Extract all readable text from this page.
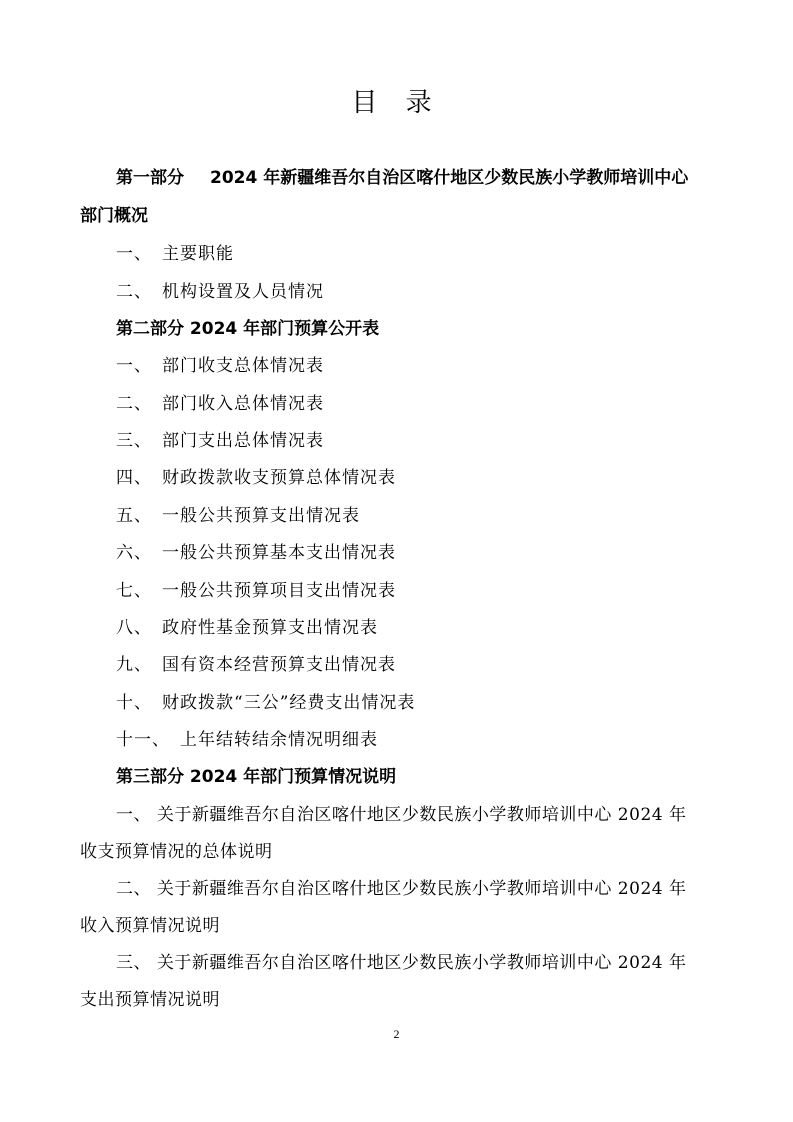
目 录
第一部分 2024 年新疆维吾尔自治区喀什地区少数民族小学教师培训中心
部门概况
一、 主要职能
二、 机构设置及人员情况
第二部分 2024 年部门预算公开表
一、 部门收支总体情况表
二、 部门收入总体情况表
三、 部门支出总体情况表
四、 财政拨款收支预算总体情况表
五、 一般公共预算支出情况表
六、 一般公共预算基本支出情况表
七、 一般公共预算项目支出情况表
八、 政府性基金预算支出情况表
九、 国有资本经营预算支出情况表
十、 财政拨款“三公”经费支出情况表
十一、 上年结转结余情况明细表
第三部分 2024 年部门预算情况说明
一、 关于新疆维吾尔自治区喀什地区少数民族小学教师培训中心 2024 年
收支预算情况的总体说明
二、 关于新疆维吾尔自治区喀什地区少数民族小学教师培训中心 2024 年
收入预算情况说明
三、 关于新疆维吾尔自治区喀什地区少数民族小学教师培训中心 2024 年
支出预算情况说明
2
